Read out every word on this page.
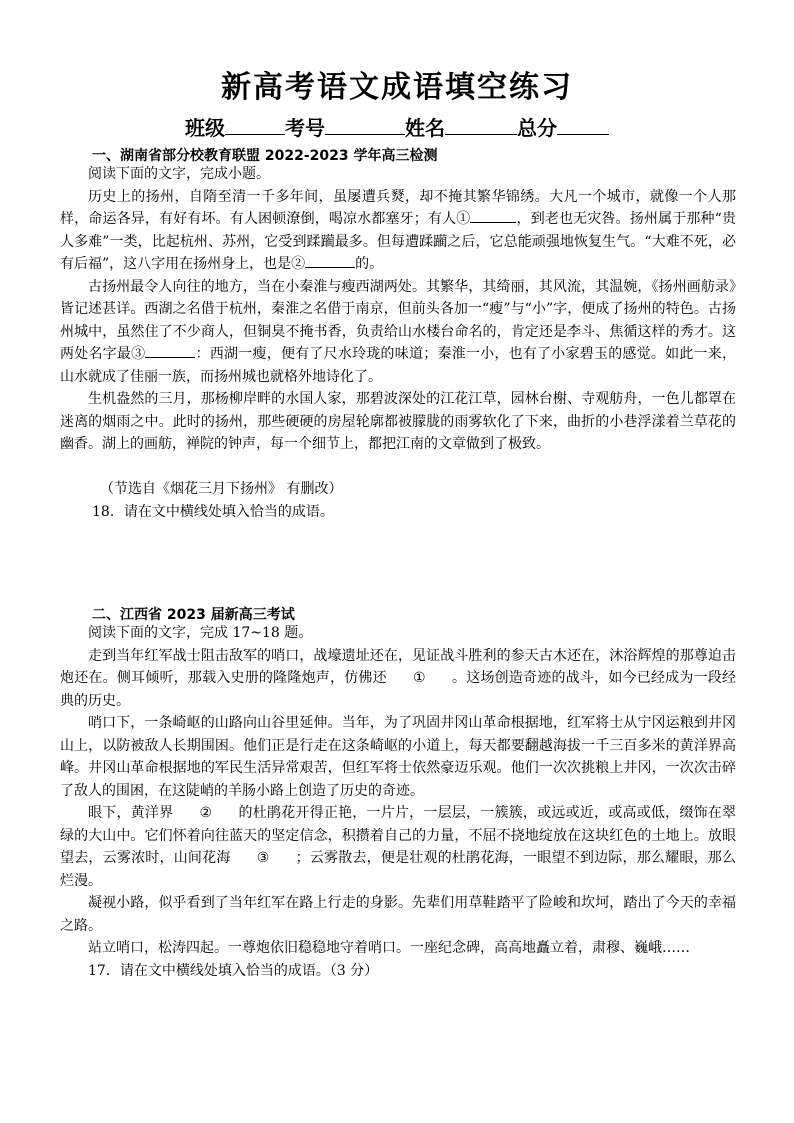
新高考语文成语填空练习
班级	考号	姓名	总分
一、湖南省部分校教育联盟 2022-2023 学年高三检测

阅读下面的文字，完成小题。

历史上的扬州，自隋至清一千多年间，虽屡遭兵燹，却不掩其繁华锦绣。大凡一个城市，就像一个人那样，命运各异，有好有坏。有人困顿潦倒，喝凉水都塞牙；有人①	，到老也无灾咎。扬州属于那种“贵人多难”一类，比起杭州、苏州，它受到蹂躏最多。但每遭蹂躏之后，它总能顽强地恢复生气。“大难不死，必有后福”，这八字用在扬州身上，也是②	的。

古扬州最令人向往的地方，当在小秦淮与瘦西湖两处。其繁华，其绮丽，其风流，其温婉，《扬州画舫录》皆记述甚详。西湖之名借于杭州，秦淮之名借于南京，但前头各加一“瘦”与“小”字，便成了扬州的特色。古扬州城中，虽然住了不少商人，但铜臭不掩书香，负责给山水楼台命名的，肯定还是李斗、焦循这样的秀才。这两处名字最③	：西湖一瘦，便有了尺水玲珑的味道；秦淮一小，也有了小家碧玉的感觉。如此一来，山水就成了佳丽一族，而扬州城也就格外地诗化了。

生机盎然的三月，那杨柳岸畔的水国人家，那碧波深处的江花江草，园林台榭、寺观舫舟，一色儿都罩在迷离的烟雨之中。此时的扬州，那些硬硬的房屋轮廓都被朦胧的雨雾软化了下来，曲折的小巷浮漾着兰草花的幽香。湖上的画舫，禅院的钟声，每一个细节上，都把江南的文章做到了极致。

（节选自《烟花三月下扬州》 有删改）
18．请在文中横线处填入恰当的成语。
二、江西省 2023 届新高三考试

阅读下面的文字，完成 17~18 题。

走到当年红军战士阻击敌军的哨口，战壕遗址还在，见证战斗胜利的参天古木还在，沐浴辉煌的那尊迫击炮还在。侧耳倾听，那载入史册的隆隆炮声，仿佛还 ① 。这场创造奇迹的战斗，如今已经成为一段经典的历史。

哨口下，一条崎岖的山路向山谷里延伸。当年，为了巩固井冈山革命根据地，红军将士从宁冈运粮到井冈山上，以防被敌人长期围困。他们正是行走在这条崎岖的小道上，每天都要翻越海拔一千三百多米的黄洋界高峰。井冈山革命根据地的军民生活异常艰苦，但红军将士依然豪迈乐观。他们一次次挑粮上井冈，一次次击碎了敌人的围困，在这陡峭的羊肠小路上创造了历史的奇迹。

眼下，黄洋界 ② 的杜鹃花开得正艳，一片片，一层层，一簇簇，或远或近，或高或低，缀饰在翠绿的大山中。它们怀着向往蓝天的坚定信念，积攒着自己的力量，不屈不挠地绽放在这块红色的土地上。放眼望去，云雾浓时，山间花海 ③ ；云雾散去，便是壮观的杜鹃花海，一眼望不到边际，那么耀眼，那么烂漫。

凝视小路，似乎看到了当年红军在路上行走的身影。先辈们用草鞋踏平了险峻和坎坷，踏出了今天的幸福之路。

站立哨口，松涛四起。一尊炮依旧稳稳地守着哨口。一座纪念碑，高高地矗立着，肃穆、巍峨……

17．请在文中横线处填入恰当的成语。（3 分）
